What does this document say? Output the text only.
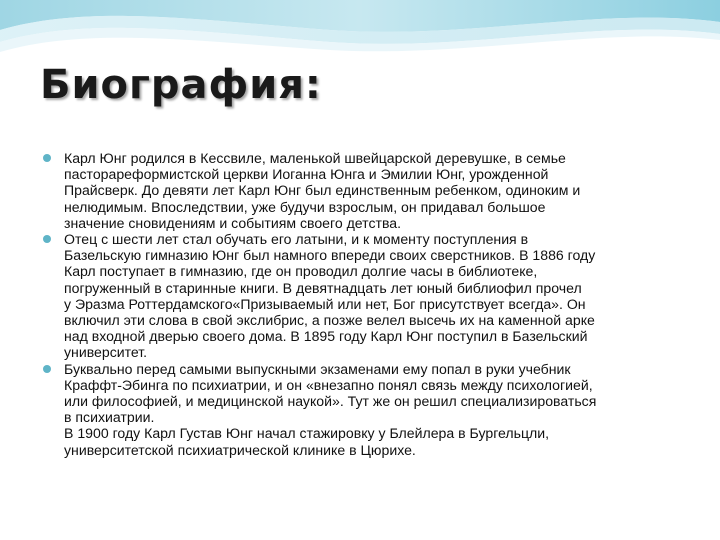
Биография:
Карл Юнг родился в Кессвиле, маленькой швейцарской деревушке, в семье
пасторареформистской церкви Иоганна Юнга и Эмилии Юнг, урожденной
Прайсверк. До девяти лет Карл Юнг был единственным ребенком, одиноким и
нелюдимым. Впоследствии, уже будучи взрослым, он придавал большое
значение сновидениям и событиям своего детства.
Отец с шести лет стал обучать его латыни, и к моменту поступления в
Базельскую гимназию Юнг был намного впереди своих сверстников. В 1886 году
Карл поступает в гимназию, где он проводил долгие часы в библиотеке,
погруженный в старинные книги. В девятнадцать лет юный библиофил прочел
у Эразма Роттердамского«Призываемый или нет, Бог присутствует всегда». Он
включил эти слова в свой экслибрис, а позже велел высечь их на каменной арке
над входной дверью своего дома. В 1895 году Карл Юнг поступил в Базельский
университет.
Буквально перед самыми выпускными экзаменами ему попал в руки учебник
Краффт-Эбинга по психиатрии, и он «внезапно понял связь между психологией,
или философией, и медицинской наукой». Тут же он решил специализироваться
в психиатрии.
В 1900 году Карл Густав Юнг начал стажировку у Блейлера в Бургельцли,
университетской психиатрической клинике в Цюрихе.
